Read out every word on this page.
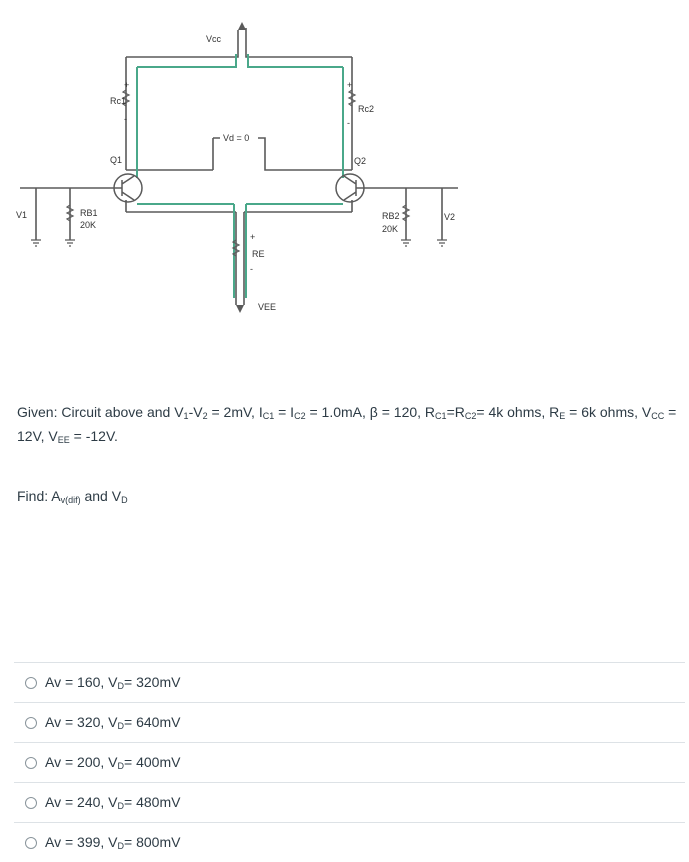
Vcc
Rc1
Rc2
Vd = 0
Q1	Q2
V1	RB1
20K
RB2
20K
V2
RE
VEE
+
-
+
-
+
-
Given: Circuit above and $V_1-V_2 = 2mV$, $I_{C1} = I_{C2} = 1.0mA$, β = 120, $R_{C1}=R_{C2}= 4k$ ohms, $R_E = 6k$ ohms, $V_{CC} = 12V$, $V_{EE} = -12V$.
Find: $A_{v(dif)}$ and $V_D$
Av = 160, $V_D= 320mV$
Av = 320, $V_D= 640mV$
Av = 200, $V_D= 400mV$
Av = 240, $V_D= 480mV$
Av = 399, $V_D= 800mV$
